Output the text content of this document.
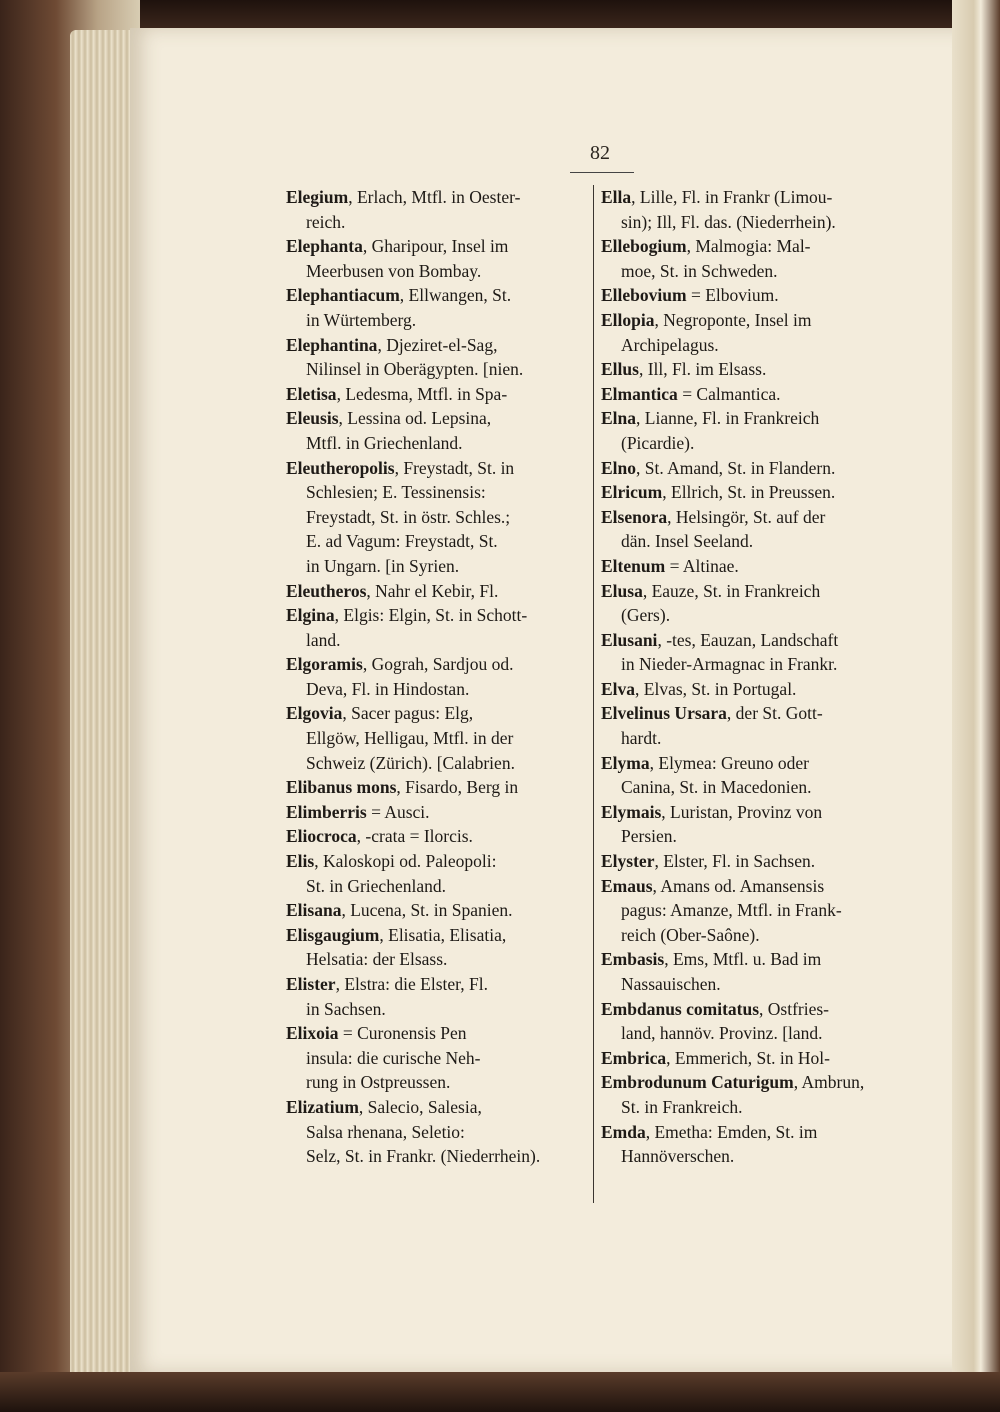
82
Elegium, Erlach, Mtfl. in Oester-
reich.
Elephanta, Gharipour, Insel im
Meerbusen von Bombay.
Elephantiacum, Ellwangen, St.
in Würtemberg.
Elephantina, Djeziret-el-Sag,
Nilinsel in Oberägypten. [nien.
Eletisa, Ledesma, Mtfl. in Spa-
Eleusis, Lessina od. Lepsina,
Mtfl. in Griechenland.
Eleutheropolis, Freystadt, St. in
Schlesien; E. Tessinensis:
Freystadt, St. in östr. Schles.;
E. ad Vagum: Freystadt, St.
in Ungarn. [in Syrien.
Eleutheros, Nahr el Kebir, Fl.
Elgina, Elgis: Elgin, St. in Schott-
land.
Elgoramis, Gograh, Sardjou od.
Deva, Fl. in Hindostan.
Elgovia, Sacer pagus: Elg,
Ellgöw, Helligau, Mtfl. in der
Schweiz (Zürich). [Calabrien.
Elibanus mons, Fisardo, Berg in
Elimberris = Ausci.
Eliocroca, -crata = Ilorcis.
Elis, Kaloskopi od. Paleopoli:
St. in Griechenland.
Elisana, Lucena, St. in Spanien.
Elisgaugium, Elisatia, Elisatia,
Helsatia: der Elsass.
Elister, Elstra: die Elster, Fl.
in Sachsen.
Elixoia = Curonensis Pen
insula: die curische Neh-
rung in Ostpreussen.
Elizatium, Salecio, Salesia,
Salsa rhenana, Seletio:
Selz, St. in Frankr. (Niederrhein).
Ella, Lille, Fl. in Frankr (Limou-
sin); Ill, Fl. das. (Niederrhein).
Ellebogium, Malmogia: Mal-
moe, St. in Schweden.
Ellebovium = Elbovium.
Ellopia, Negroponte, Insel im
Archipelagus.
Ellus, Ill, Fl. im Elsass.
Elmantica = Calmantica.
Elna, Lianne, Fl. in Frankreich
(Picardie).
Elno, St. Amand, St. in Flandern.
Elricum, Ellrich, St. in Preussen.
Elsenora, Helsingör, St. auf der
dän. Insel Seeland.
Eltenum = Altinae.
Elusa, Eauze, St. in Frankreich
(Gers).
Elusani, -tes, Eauzan, Landschaft
in Nieder-Armagnac in Frankr.
Elva, Elvas, St. in Portugal.
Elvelinus Ursara, der St. Gott-
hardt.
Elyma, Elymea: Greuno oder
Canina, St. in Macedonien.
Elymais, Luristan, Provinz von
Persien.
Elyster, Elster, Fl. in Sachsen.
Emaus, Amans od. Amansensis
pagus: Amanze, Mtfl. in Frank-
reich (Ober-Saône).
Embasis, Ems, Mtfl. u. Bad im
Nassauischen.
Embdanus comitatus, Ostfries-
land, hannöv. Provinz. [land.
Embrica, Emmerich, St. in Hol-
Embrodunum Caturigum, Ambrun,
St. in Frankreich.
Emda, Emetha: Emden, St. im
Hannöverschen.
